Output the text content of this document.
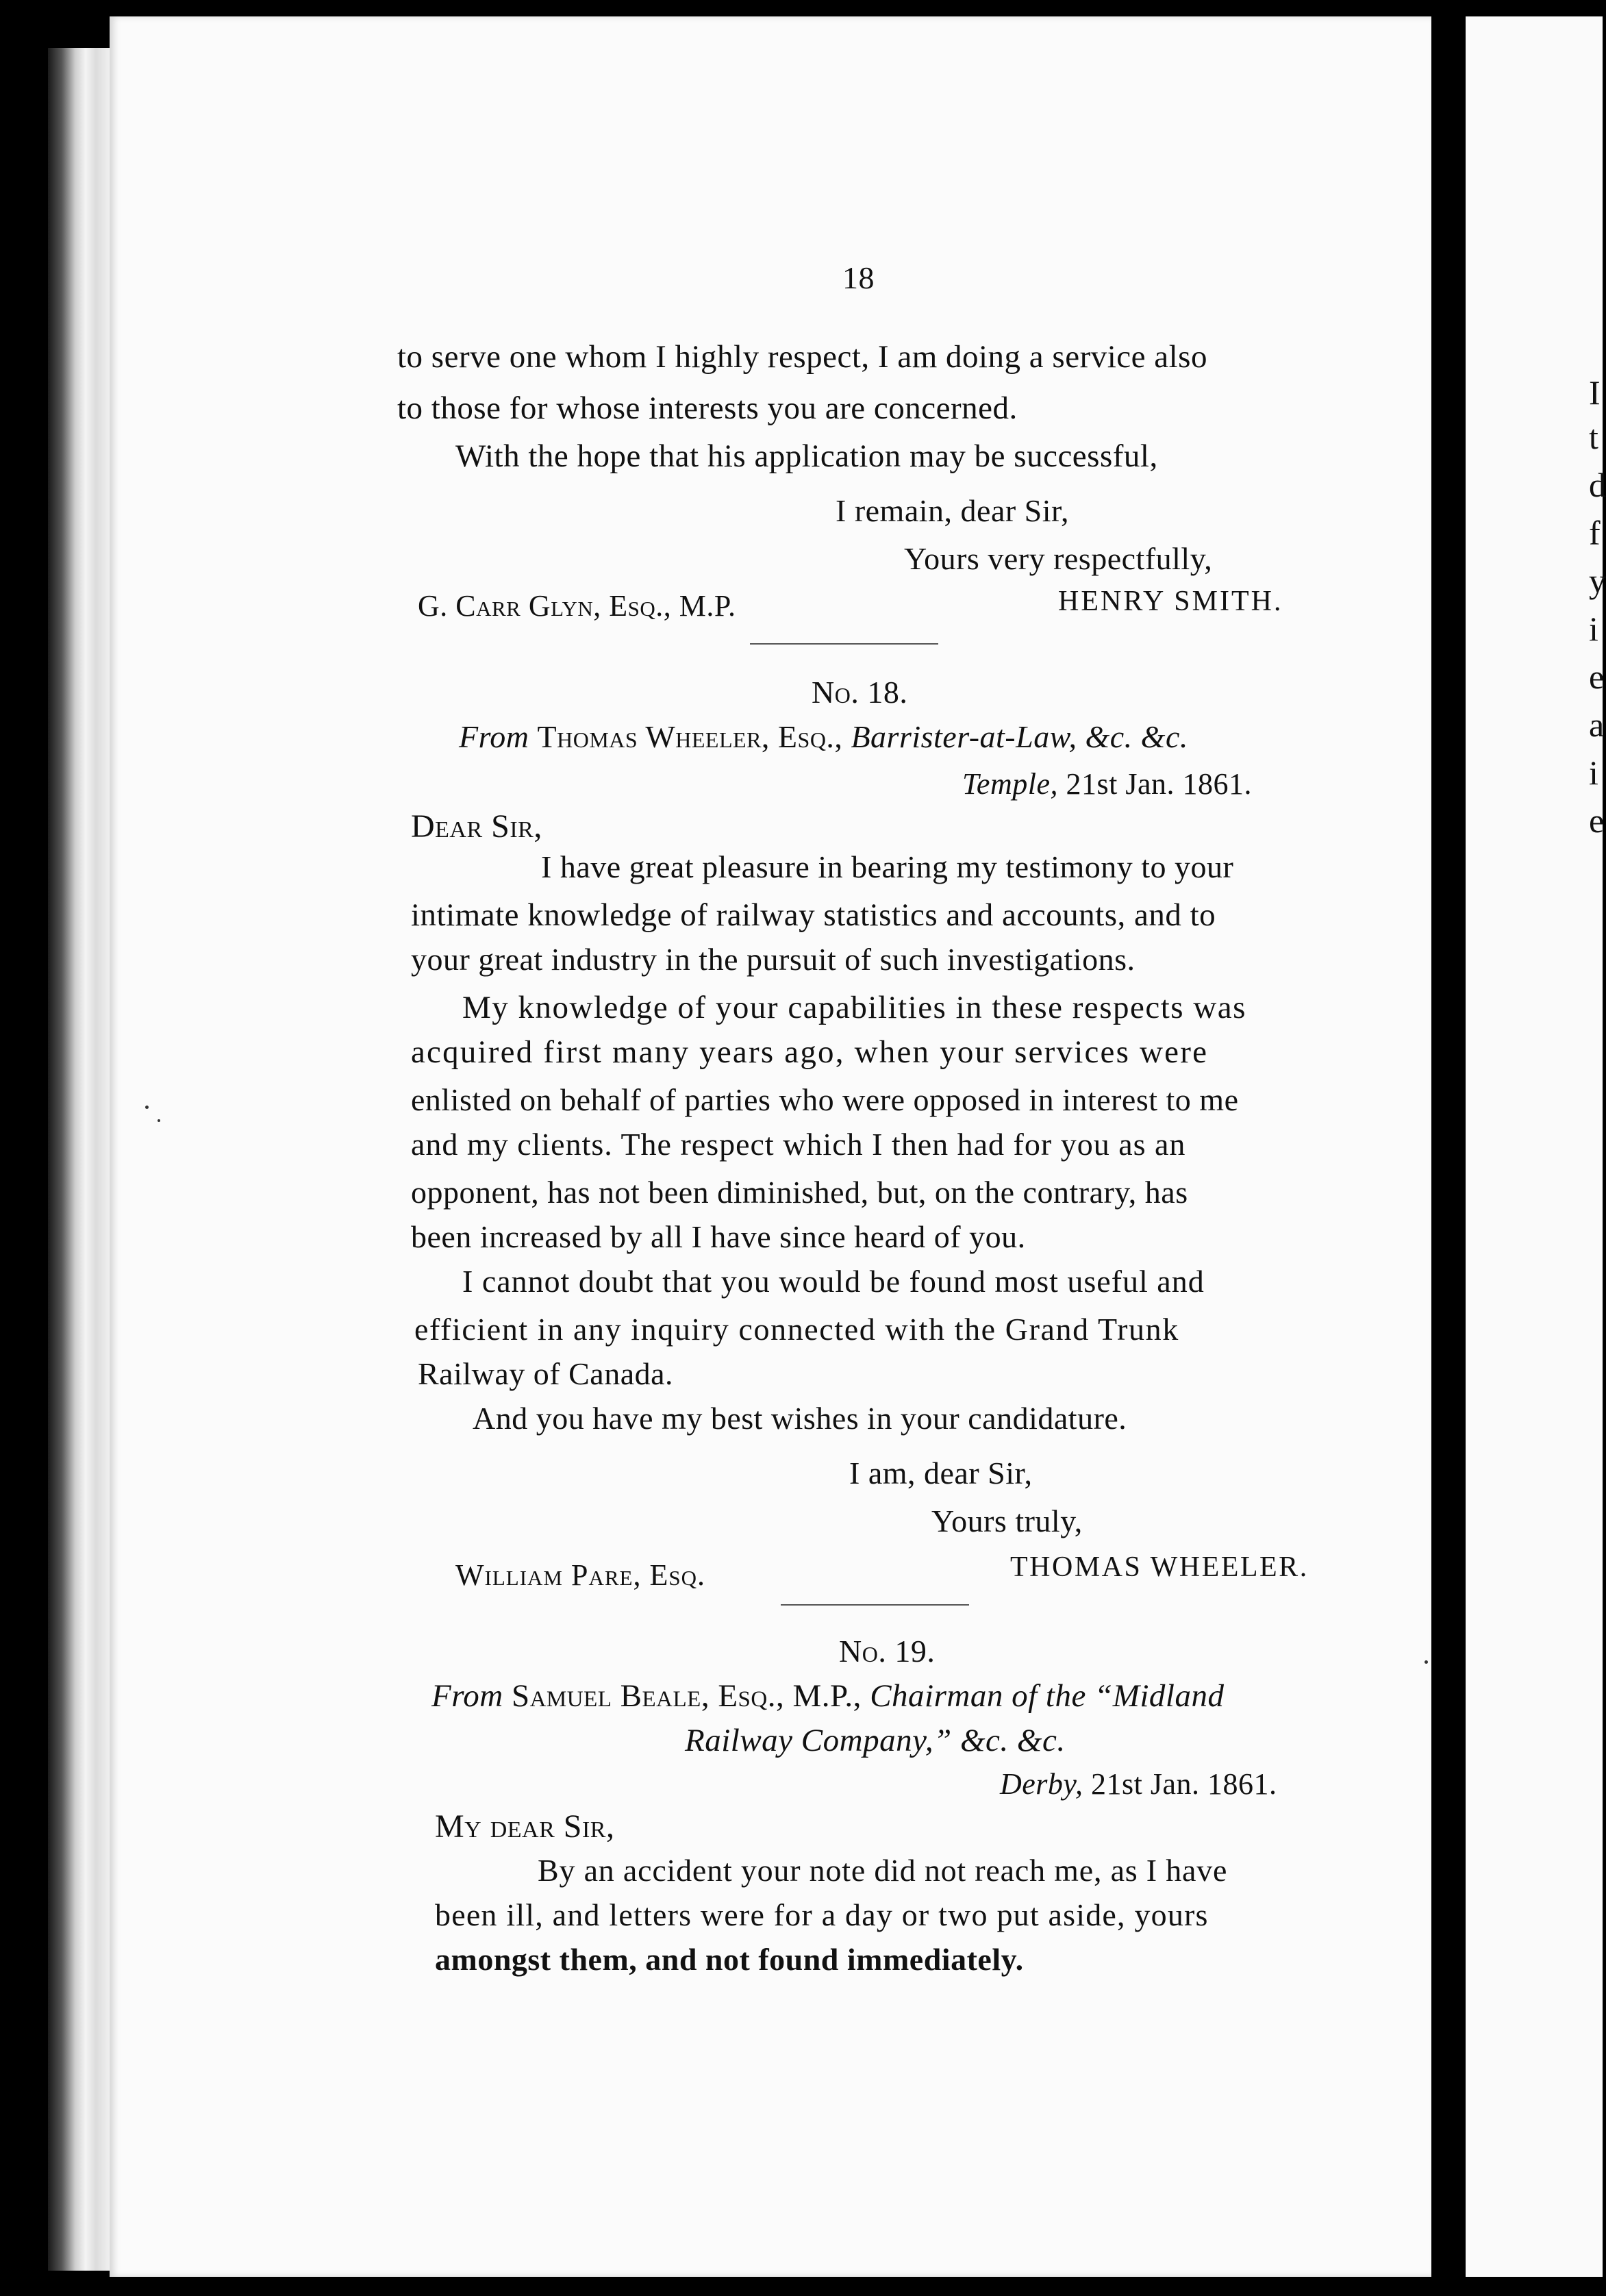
I
t
d
f
y
i
e
a
i
e
18
to serve one whom I highly respect, I am doing a service also
to those for whose interests you are concerned.
With the hope that his application may be successful,
I remain, dear Sir,
Yours very respectfully,
G. Carr Glyn, Esq., M.P.	HENRY SMITH.
No. 18.
From Thomas Wheeler, Esq., Barrister-at-Law, &c. &c.
Temple, 21st Jan. 1861.
Dear Sir,
I have great pleasure in bearing my testimony to your
intimate knowledge of railway statistics and accounts, and to
your great industry in the pursuit of such investigations.
My knowledge of your capabilities in these respects was
acquired first many years ago, when your services were
enlisted on behalf of parties who were opposed in interest to me
and my clients. The respect which I then had for you as an
opponent, has not been diminished, but, on the contrary, has
been increased by all I have since heard of you.
I cannot doubt that you would be found most useful and
efficient in any inquiry connected with the Grand Trunk
Railway of Canada.
And you have my best wishes in your candidature.
I am, dear Sir,
Yours truly,
William Pare, Esq.	THOMAS WHEELER.
No. 19.
From Samuel Beale, Esq., M.P., Chairman of the “Midland
Railway Company,” &c. &c.
Derby, 21st Jan. 1861.
My dear Sir,
By an accident your note did not reach me, as I have
been ill, and letters were for a day or two put aside, yours
amongst them, and not found immediately.
